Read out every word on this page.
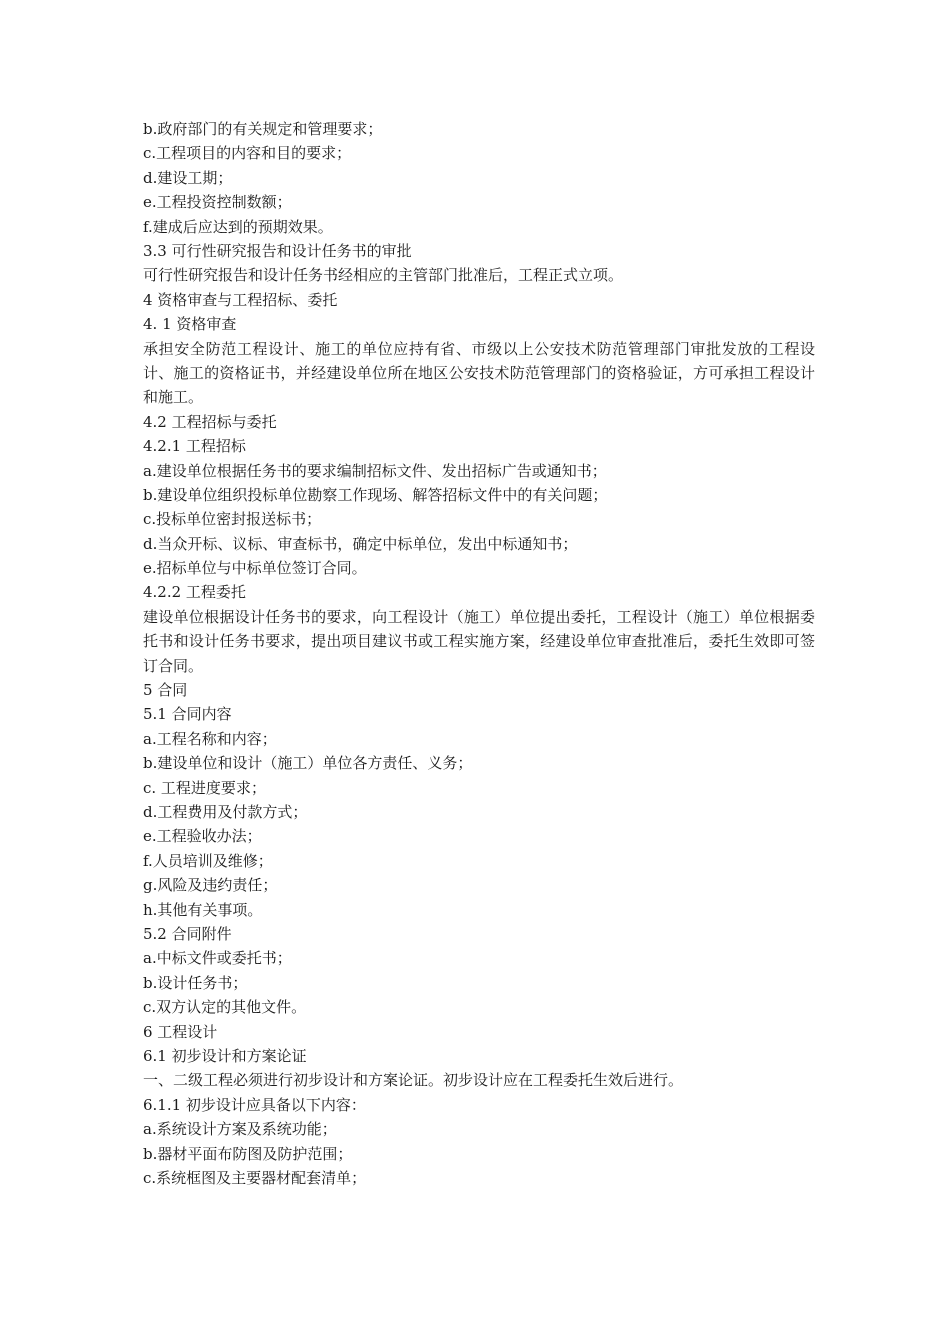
b.政府部门的有关规定和管理要求；
c.工程项目的内容和目的要求；
d.建设工期；
e.工程投资控制数额；
f.建成后应达到的预期效果。
3.3 可行性研究报告和设计任务书的审批
可行性研究报告和设计任务书经相应的主管部门批准后，工程正式立项。
4 资格审查与工程招标、委托
4. 1 资格审查
承担安全防范工程设计、施工的单位应持有省、市级以上公安技术防范管理部门审批发放的工程设计、施工的资格证书，并经建设单位所在地区公安技术防范管理部门的资格验证，方可承担工程设计和施工。
4.2 工程招标与委托
4.2.1 工程招标
a.建设单位根据任务书的要求编制招标文件、发出招标广告或通知书；
b.建设单位组织投标单位勘察工作现场、解答招标文件中的有关问题；
c.投标单位密封报送标书；
d.当众开标、议标、审查标书，确定中标单位，发出中标通知书；
e.招标单位与中标单位签订合同。
4.2.2 工程委托
建设单位根据设计任务书的要求，向工程设计（施工）单位提出委托，工程设计（施工）单位根据委托书和设计任务书要求，提出项目建议书或工程实施方案，经建设单位审查批准后，委托生效即可签订合同。
5 合同
5.1 合同内容
a.工程名称和内容；
b.建设单位和设计（施工）单位各方责任、义务；
c. 工程进度要求；
d.工程费用及付款方式；
e.工程验收办法；
f.人员培训及维修；
g.风险及违约责任；
h.其他有关事项。
5.2 合同附件
a.中标文件或委托书；
b.设计任务书；
c.双方认定的其他文件。
6 工程设计
6.1 初步设计和方案论证
一、二级工程必须进行初步设计和方案论证。初步设计应在工程委托生效后进行。
6.1.1 初步设计应具备以下内容：
a.系统设计方案及系统功能；
b.器材平面布防图及防护范围；
c.系统框图及主要器材配套清单；
